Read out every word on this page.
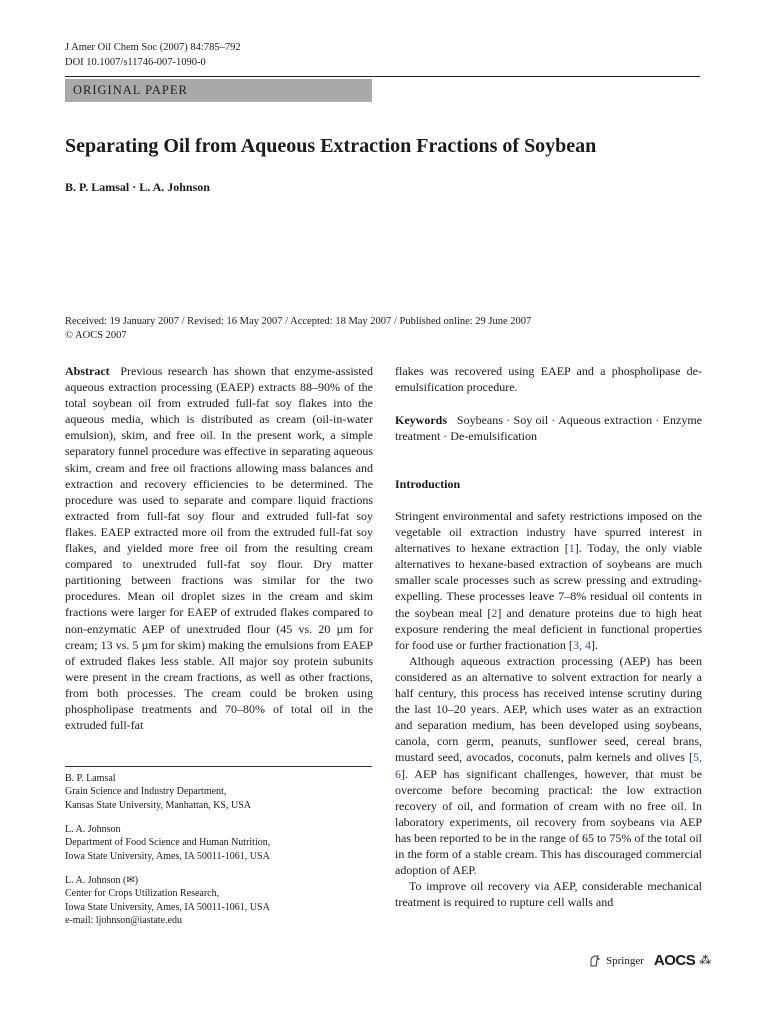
J Amer Oil Chem Soc (2007) 84:785–792
DOI 10.1007/s11746-007-1090-0
ORIGINAL PAPER
Separating Oil from Aqueous Extraction Fractions of Soybean
B. P. Lamsal · L. A. Johnson
Received: 19 January 2007 / Revised: 16 May 2007 / Accepted: 18 May 2007 / Published online: 29 June 2007
© AOCS 2007

Abstract Previous research has shown that enzyme-assisted aqueous extraction processing (EAEP) extracts 88–90% of the total soybean oil from extruded full-fat soy flakes into the aqueous media, which is distributed as cream (oil-in-water emulsion), skim, and free oil. In the present work, a simple separatory funnel procedure was effective in separating aqueous skim, cream and free oil fractions allowing mass balances and extraction and recovery efficiencies to be determined. The procedure was used to separate and compare liquid fractions extracted from full-fat soy flour and extruded full-fat soy flakes. EAEP extracted more oil from the extruded full-fat soy flakes, and yielded more free oil from the resulting cream compared to unextruded full-fat soy flour. Dry matter partitioning between fractions was similar for the two procedures. Mean oil droplet sizes in the cream and skim fractions were larger for EAEP of extruded flakes compared to non-enzymatic AEP of unextruded flour (45 vs. 20 µm for cream; 13 vs. 5 µm for skim) making the emulsions from EAEP of extruded flakes less stable. All major soy protein subunits were present in the cream fractions, as well as other fractions, from both processes. The cream could be broken using phospholipase treatments and 70–80% of total oil in the extruded full-fat

B. P. Lamsal
Grain Science and Industry Department,
Kansas State University, Manhattan, KS, USA
L. A. Johnson
Department of Food Science and Human Nutrition,
Iowa State University, Ames, IA 50011-1061, USA
L. A. Johnson (✉)
Center for Crops Utilization Research,
Iowa State University, Ames, IA 50011-1061, USA
e-mail: ljohnson@iastate.edu
flakes was recovered using EAEP and a phospholipase de-emulsification procedure.

Keywords Soybeans · Soy oil · Aqueous extraction · Enzyme treatment · De-emulsification

Introduction

Stringent environmental and safety restrictions imposed on the vegetable oil extraction industry have spurred interest in alternatives to hexane extraction [1]. Today, the only viable alternatives to hexane-based extraction of soybeans are much smaller scale processes such as screw pressing and extruding-expelling. These processes leave 7–8% residual oil contents in the soybean meal [2] and denature proteins due to high heat exposure rendering the meal deficient in functional properties for food use or further fractionation [3, 4].

Although aqueous extraction processing (AEP) has been considered as an alternative to solvent extraction for nearly a half century, this process has received intense scrutiny during the last 10–20 years. AEP, which uses water as an extraction and separation medium, has been developed using soybeans, canola, corn germ, peanuts, sunflower seed, cereal brans, mustard seed, avocados, coconuts, palm kernels and olives [5, 6]. AEP has significant challenges, however, that must be overcome before becoming practical: the low extraction recovery of oil, and formation of cream with no free oil. In laboratory experiments, oil recovery from soybeans via AEP has been reported to be in the range of 65 to 75% of the total oil in the form of a stable cream. This has discouraged commercial adoption of AEP.

To improve oil recovery via AEP, considerable mechanical treatment is required to rupture cell walls and

Springer AOCS ⁂
